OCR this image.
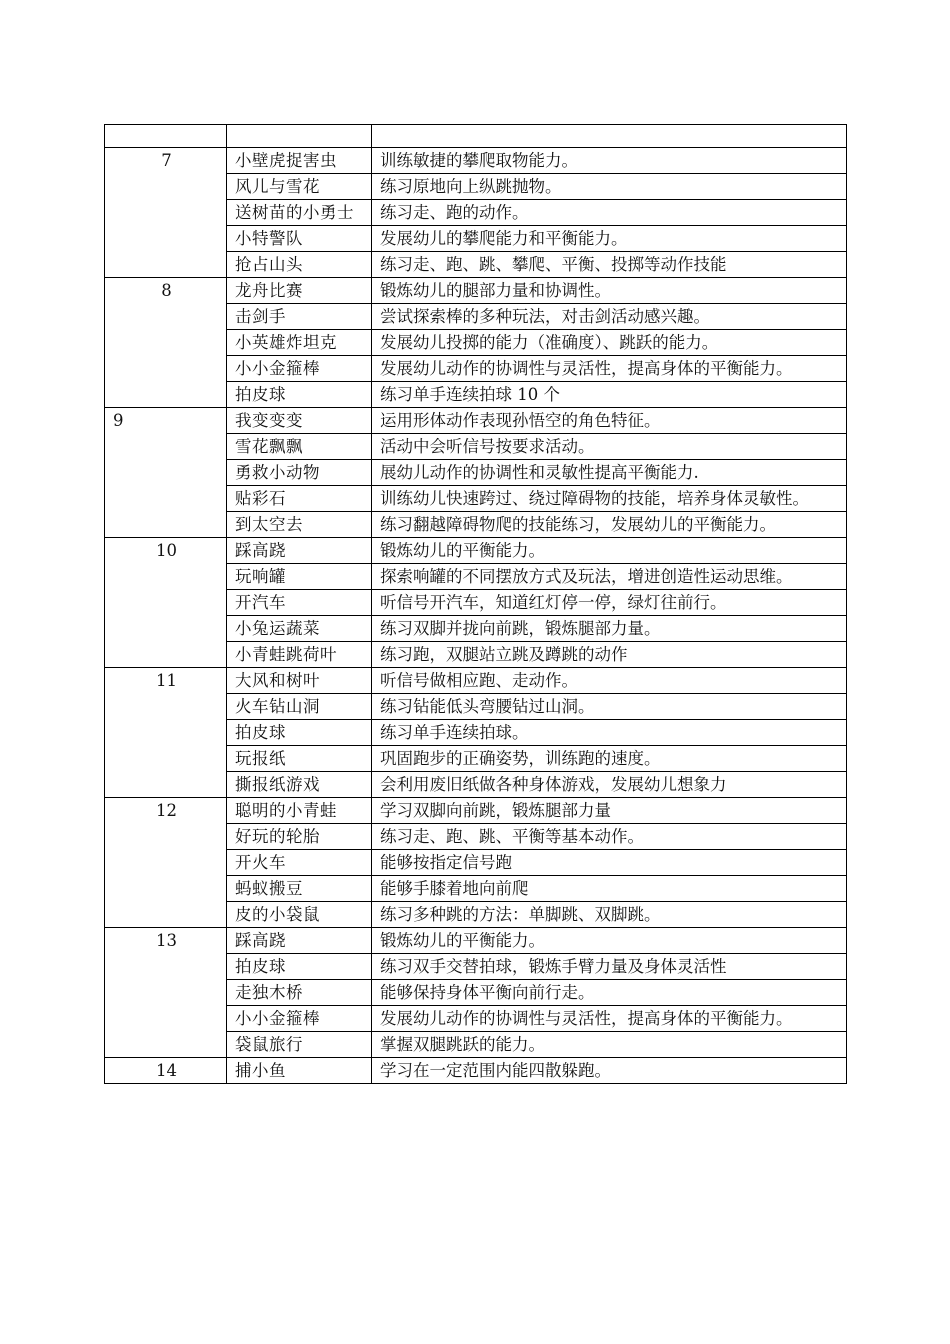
7	小壁虎捉害虫	训练敏捷的攀爬取物能力。
	风儿与雪花	练习原地向上纵跳抛物。
	送树苗的小勇士	练习走、跑的动作。
	小特警队	发展幼儿的攀爬能力和平衡能力。
	抢占山头	练习走、跑、跳、攀爬、平衡、投掷等动作技能
8	龙舟比赛	锻炼幼儿的腿部力量和协调性。
	击剑手	尝试探索棒的多种玩法，对击剑活动感兴趣。
	小英雄炸坦克	发展幼儿投掷的能力（准确度）、跳跃的能力。
	小小金箍棒	发展幼儿动作的协调性与灵活性，提高身体的平衡能力。
	拍皮球	练习单手连续拍球 10 个
9	我变变变	运用形体动作表现孙悟空的角色特征。
	雪花飘飘	活动中会听信号按要求活动。
	勇救小动物	展幼儿动作的协调性和灵敏性提高平衡能力.
	贴彩石	训练幼儿快速跨过、绕过障碍物的技能，培养身体灵敏性。
	到太空去	练习翻越障碍物爬的技能练习，发展幼儿的平衡能力。
10	踩高跷	锻炼幼儿的平衡能力。
	玩响罐	探索响罐的不同摆放方式及玩法，增进创造性运动思维。
	开汽车	听信号开汽车，知道红灯停一停，绿灯往前行。
	小兔运蔬菜	练习双脚并拢向前跳，锻炼腿部力量。
	小青蛙跳荷叶	练习跑，双腿站立跳及蹲跳的动作
11	大风和树叶	听信号做相应跑、走动作。
	火车钻山洞	练习钻能低头弯腰钻过山洞。
	拍皮球	练习单手连续拍球。
	玩报纸	巩固跑步的正确姿势，训练跑的速度。
	撕报纸游戏	会利用废旧纸做各种身体游戏，发展幼儿想象力
12	聪明的小青蛙	学习双脚向前跳，锻炼腿部力量
	好玩的轮胎	练习走、跑、跳、平衡等基本动作。
	开火车	能够按指定信号跑
	蚂蚁搬豆	能够手膝着地向前爬
	皮的小袋鼠	练习多种跳的方法：单脚跳、双脚跳。
13	踩高跷	锻炼幼儿的平衡能力。
	拍皮球	练习双手交替拍球，锻炼手臂力量及身体灵活性
	走独木桥	能够保持身体平衡向前行走。
	小小金箍棒	发展幼儿动作的协调性与灵活性，提高身体的平衡能力。
	袋鼠旅行	掌握双腿跳跃的能力。
14	捕小鱼	学习在一定范围内能四散躲跑。
